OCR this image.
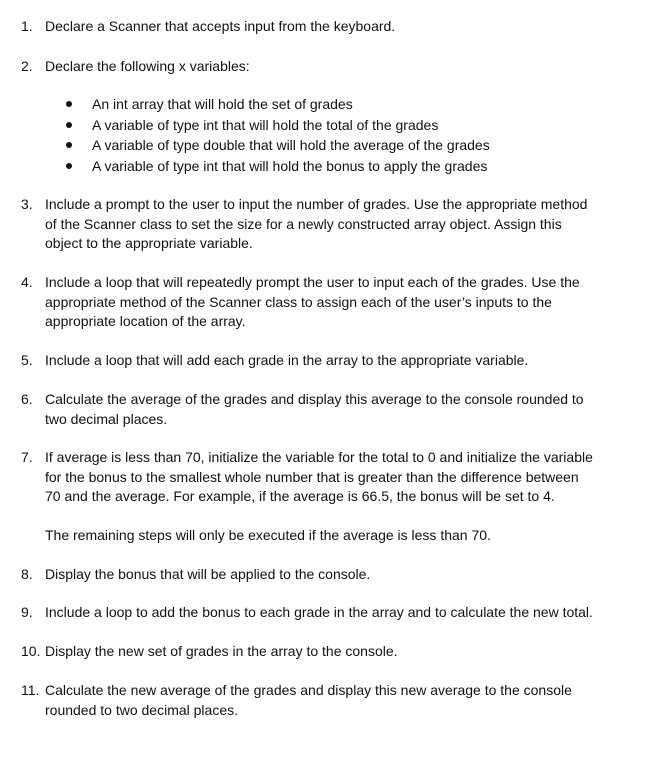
1. Declare a Scanner that accepts input from the keyboard.
2. Declare the following x variables:
An int array that will hold the set of grades
A variable of type int that will hold the total of the grades
A variable of type double that will hold the average of the grades
A variable of type int that will hold the bonus to apply the grades
3. Include a prompt to the user to input the number of grades. Use the appropriate method
of the Scanner class to set the size for a newly constructed array object. Assign this
object to the appropriate variable.
4. Include a loop that will repeatedly prompt the user to input each of the grades. Use the
appropriate method of the Scanner class to assign each of the user’s inputs to the
appropriate location of the array.
5. Include a loop that will add each grade in the array to the appropriate variable.
6. Calculate the average of the grades and display this average to the console rounded to
two decimal places.
7. If average is less than 70, initialize the variable for the total to 0 and initialize the variable
for the bonus to the smallest whole number that is greater than the difference between
70 and the average. For example, if the average is 66.5, the bonus will be set to 4.
The remaining steps will only be executed if the average is less than 70.
8. Display the bonus that will be applied to the console.
9. Include a loop to add the bonus to each grade in the array and to calculate the new total.
10. Display the new set of grades in the array to the console.
11. Calculate the new average of the grades and display this new average to the console
rounded to two decimal places.
